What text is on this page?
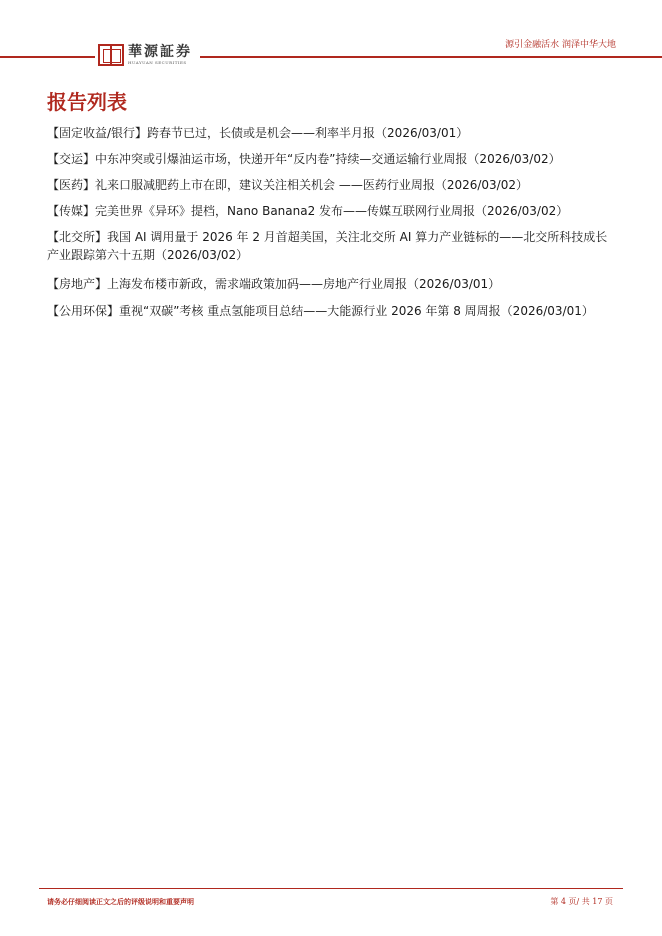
華源証券
HUAYUAN SECURITIES
源引金融活水 润泽中华大地
报告列表
【固定收益/银行】跨春节已过，长债或是机会——利率半月报（2026/03/01）
【交运】中东冲突或引爆油运市场，快递开年“反内卷”持续—交通运输行业周报（2026/03/02）
【医药】礼来口服减肥药上市在即，建议关注相关机会 ——医药行业周报（2026/03/02）
【传媒】完美世界《异环》提档，Nano Banana2 发布——传媒互联网行业周报（2026/03/02）
【北交所】我国 AI 调用量于 2026 年 2 月首超美国，关注北交所 AI 算力产业链标的——北交所科技成长产业跟踪第六十五期（2026/03/02）
【房地产】上海发布楼市新政，需求端政策加码——房地产行业周报（2026/03/01）
【公用环保】重视“双碳”考核 重点氢能项目总结——大能源行业 2026 年第 8 周周报（2026/03/01）
请务必仔细阅读正文之后的评级说明和重要声明	第 4 页/ 共 17 页
